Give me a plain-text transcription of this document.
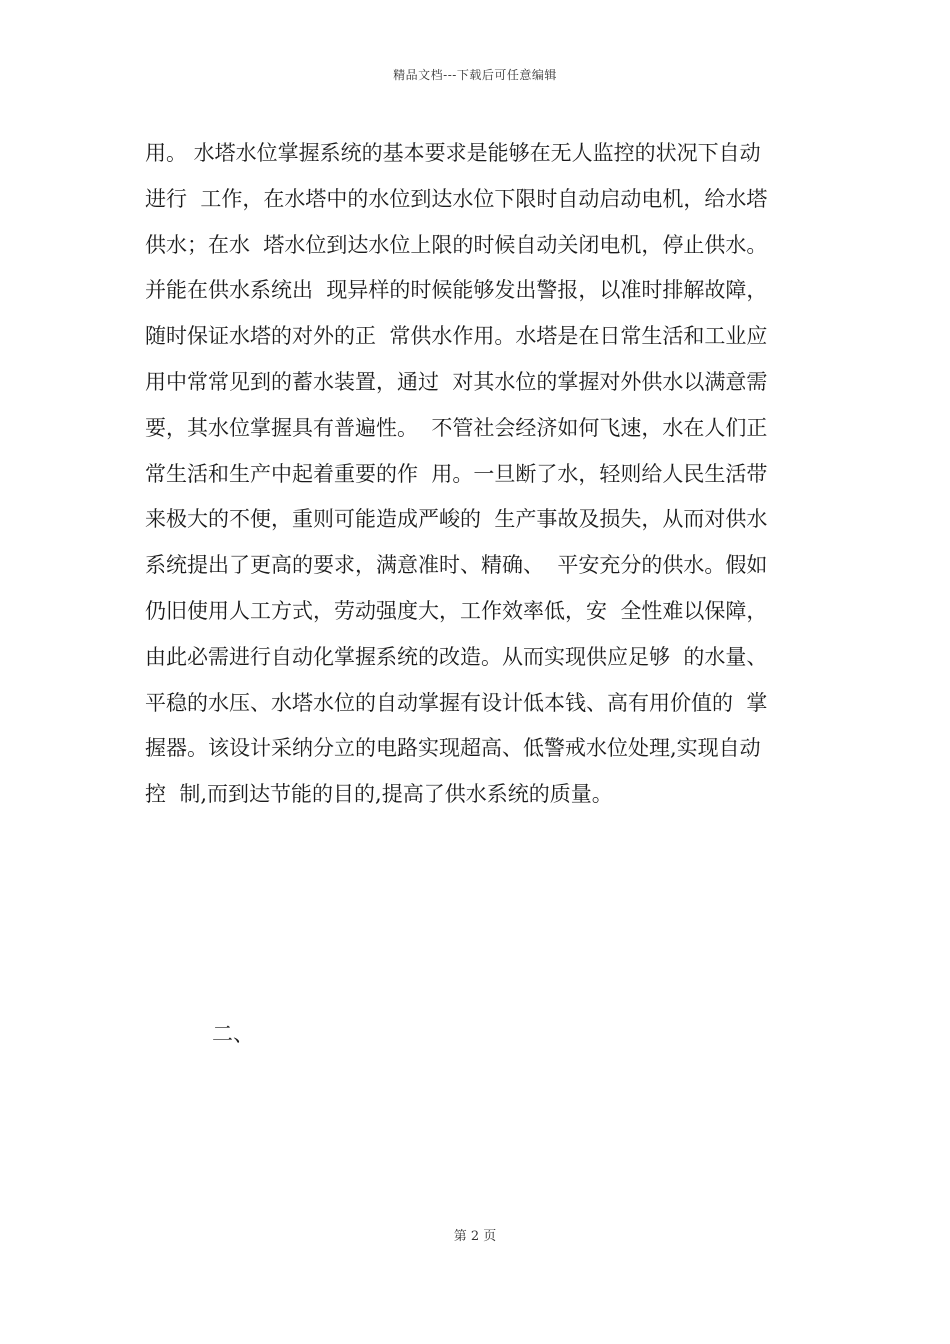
精品文档---下载后可任意编辑
用。 水塔水位掌握系统的基本要求是能够在无人监控的状况下自动
进行  工作，在水塔中的水位到达水位下限时自动启动电机，给水塔
供水；在水  塔水位到达水位上限的时候自动关闭电机，停止供水。
并能在供水系统出  现异样的时候能够发出警报，以准时排解故障，
随时保证水塔的对外的正  常供水作用。水塔是在日常生活和工业应
用中常常见到的蓄水装置，通过  对其水位的掌握对外供水以满意需
要，其水位掌握具有普遍性。  不管社会经济如何飞速，水在人们正
常生活和生产中起着重要的作  用。一旦断了水，轻则给人民生活带
来极大的不便，重则可能造成严峻的  生产事故及损失，从而对供水
系统提出了更高的要求，满意准时、精确、  平安充分的供水。假如
仍旧使用人工方式，劳动强度大，工作效率低，安  全性难以保障，
由此必需进行自动化掌握系统的改造。从而实现供应足够  的水量、
平稳的水压、水塔水位的自动掌握有设计低本钱、高有用价值的  掌
握器。该设计采纳分立的电路实现超高、低警戒水位处理,实现自动
控  制,而到达节能的目的,提高了供水系统的质量。
二、
第 2 页
